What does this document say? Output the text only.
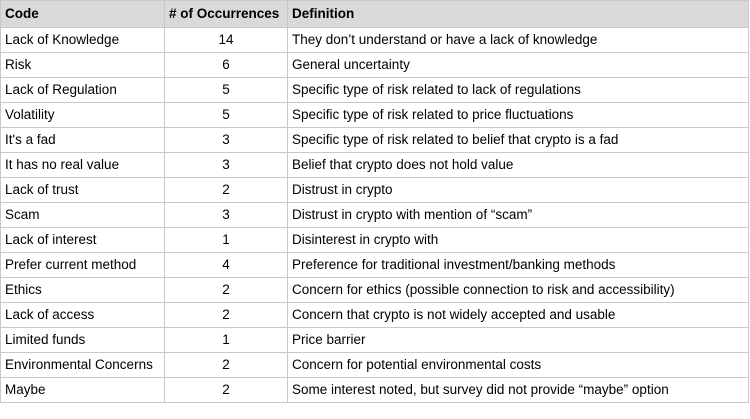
Code	# of Occurrences	Definition
Lack of Knowledge	14	They don’t understand or have a lack of knowledge
Risk	6	General uncertainty
Lack of Regulation	5	Specific type of risk related to lack of regulations
Volatility	5	Specific type of risk related to price fluctuations
It's a fad	3	Specific type of risk related to belief that crypto is a fad
It has no real value	3	Belief that crypto does not hold value
Lack of trust	2	Distrust in crypto
Scam	3	Distrust in crypto with mention of “scam”
Lack of interest	1	Disinterest in crypto with
Prefer current method	4	Preference for traditional investment/banking methods
Ethics	2	Concern for ethics (possible connection to risk and accessibility)
Lack of access	2	Concern that crypto is not widely accepted and usable
Limited funds	1	Price barrier
Environmental Concerns	2	Concern for potential environmental costs
Maybe	2	Some interest noted, but survey did not provide “maybe” option
